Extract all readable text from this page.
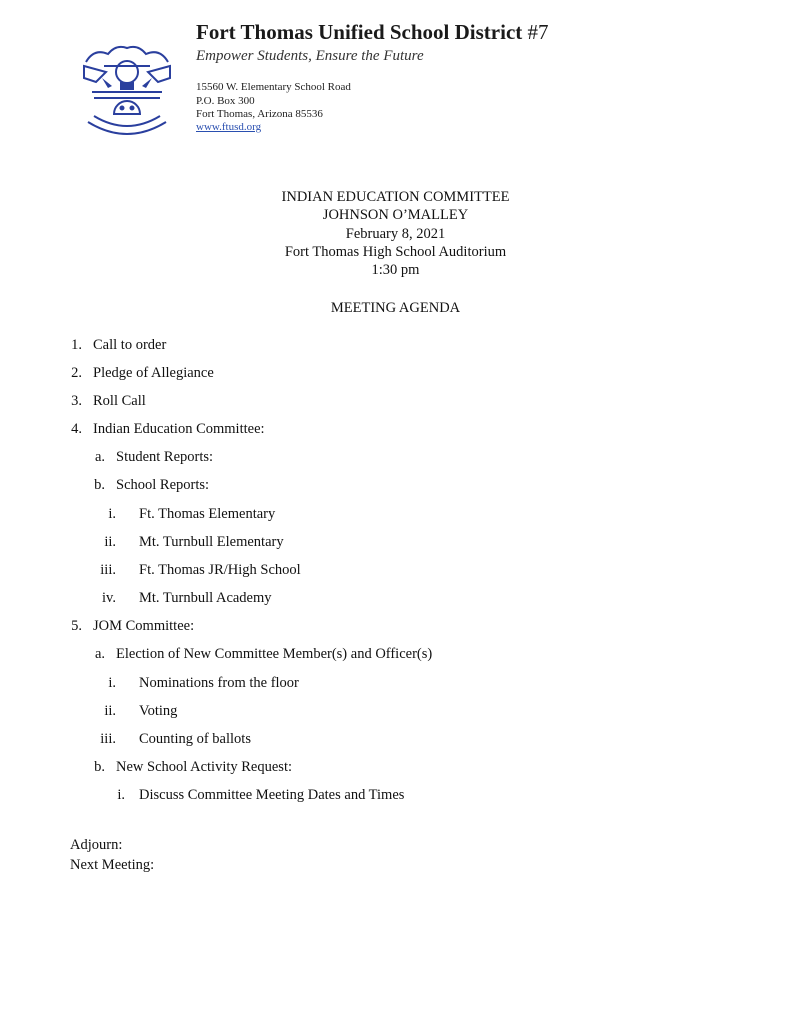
Fort Thomas Unified School District #7
Empower Students, Ensure the Future
15560 W. Elementary School Road
P.O. Box 300
Fort Thomas, Arizona 85536
www.ftusd.org
INDIAN EDUCATION COMMITTEE
JOHNSON O’MALLEY
February 8, 2021
Fort Thomas High School Auditorium
1:30 pm
MEETING AGENDA
1. Call to order
2. Pledge of Allegiance
3. Roll Call
4. Indian Education Committee:
a. Student Reports:
b. School Reports:
i. Ft. Thomas Elementary
ii. Mt. Turnbull Elementary
iii. Ft. Thomas JR/High School
iv. Mt. Turnbull Academy
5. JOM Committee:
a. Election of New Committee Member(s) and Officer(s)
i. Nominations from the floor
ii. Voting
iii. Counting of ballots
b. New School Activity Request:
i. Discuss Committee Meeting Dates and Times
Adjourn:
Next Meeting:
